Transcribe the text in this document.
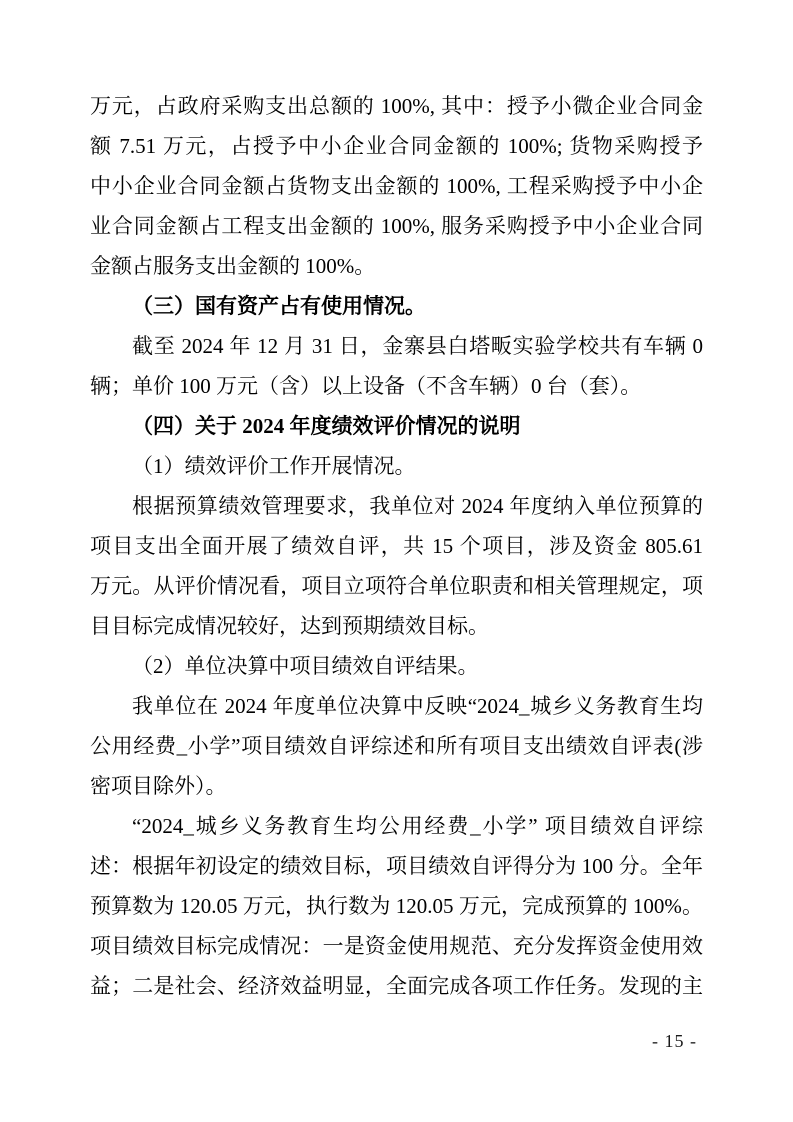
万元，占政府采购支出总额的 100%, 其中：授予小微企业合同金
额 7.51 万元，占授予中小企业合同金额的 100%; 货物采购授予
中小企业合同金额占货物支出金额的 100%, 工程采购授予中小企
业合同金额占工程支出金额的 100%, 服务采购授予中小企业合同
金额占服务支出金额的 100%。
（三）国有资产占有使用情况。
截至 2024 年 12 月 31 日，金寨县白塔畈实验学校共有车辆 0
辆；单价 100 万元（含）以上设备（不含车辆）0 台（套）。
（四）关于 2024 年度绩效评价情况的说明
（1）绩效评价工作开展情况。
根据预算绩效管理要求，我单位对 2024 年度纳入单位预算的
项目支出全面开展了绩效自评，共 15 个项目，涉及资金 805.61
万元。从评价情况看，项目立项符合单位职责和相关管理规定，项
目目标完成情况较好，达到预期绩效目标。
（2）单位决算中项目绩效自评结果。
我单位在 2024 年度单位决算中反映“2024_城乡义务教育生均
公用经费_小学”项目绩效自评综述和所有项目支出绩效自评表(涉
密项目除外）。
“2024_城乡义务教育生均公用经费_小学” 项目绩效自评综
述：根据年初设定的绩效目标，项目绩效自评得分为 100 分。全年
预算数为 120.05 万元，执行数为 120.05 万元，完成预算的 100%。
项目绩效目标完成情况：一是资金使用规范、充分发挥资金使用效
益；二是社会、经济效益明显，全面完成各项工作任务。发现的主
- 15 -
